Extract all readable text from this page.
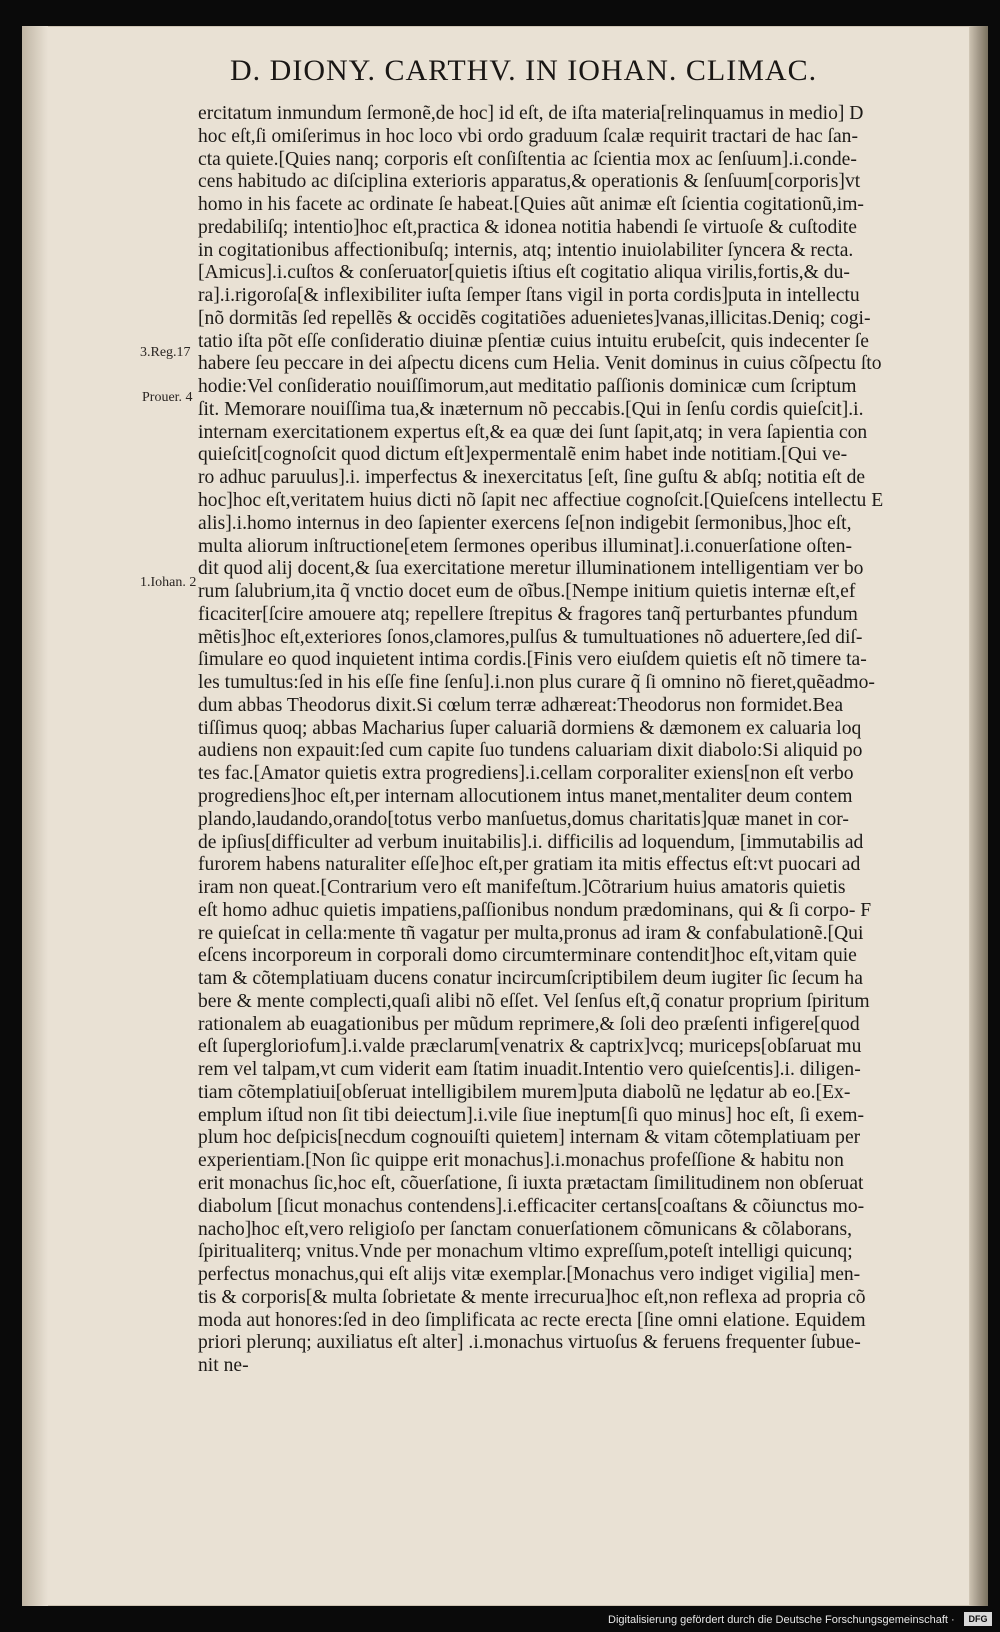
D. DIONY. CARTHV. IN IOHAN. CLIMAC.
ercitatum inmundum ſermonẽ,de hoc] id eſt, de iſta materia[relinquamus in medio] D
hoc eſt,ſi omiſerimus in hoc loco vbi ordo graduum ſcalæ requirit tractari de hac ſan-
cta quiete.[Quies nanq; corporis eſt conſiſtentia ac ſcientia mox ac ſenſuum].i.conde-
cens habitudo ac diſciplina exterioris apparatus,& operationis & ſenſuum[corporis]vt
homo in his facete ac ordinate ſe habeat.[Quies aũt animæ eſt ſcientia cogitationũ,im-
predabiliſq; intentio]hoc eſt,practica & idonea notitia habendi ſe virtuoſe & cuſtodite
in cogitationibus affectionibuſq; internis, atq; intentio inuiolabiliter ſyncera & recta.
[Amicus].i.cuſtos & conſeruator[quietis iſtius eſt cogitatio aliqua virilis,fortis,& du-
ra].i.rigoroſa[& inflexibiliter iuſta ſemper ſtans vigil in porta cordis]puta in intellectu
[nõ dormitãs ſed repellẽs & occidẽs cogitatiões aduenietes]vanas,illicitas.Deniq; cogi-
tatio iſta põt eſſe conſideratio diuinæ pſentiæ cuius intuitu erubeſcit, quis indecenter ſe
habere ſeu peccare in dei aſpectu dicens cum Helia. Venit dominus in cuius cõſpectu ſto
hodie:Vel conſideratio nouiſſimorum,aut meditatio paſſionis dominicæ cum ſcriptum
ſit. Memorare nouiſſima tua,& inæternum nõ peccabis.[Qui in ſenſu cordis quieſcit].i.
internam exercitationem expertus eſt,& ea quæ dei ſunt ſapit,atq; in vera ſapientia con
quieſcit[cognoſcit quod dictum eſt]expermentalẽ enim habet inde notitiam.[Qui ve-
ro adhuc paruulus].i. imperfectus & inexercitatus [eſt, ſine guſtu & abſq; notitia eſt de
hoc]hoc eſt,veritatem huius dicti nõ ſapit nec affectiue cognoſcit.[Quieſcens intellectu E
alis].i.homo internus in deo ſapienter exercens ſe[non indigebit ſermonibus,]hoc eſt,
multa aliorum inſtructione[etem ſermones operibus illuminat].i.conuerſatione oſten-
dit quod alij docent,& ſua exercitatione meretur illuminationem intelligentiam ver bo
rum ſalubrium,ita q̃ vnctio docet eum de oĩbus.[Nempe initium quietis internæ eſt,ef
ficaciter[ſcire amouere atq; repellere ſtrepitus & fragores tanq̃ perturbantes pfundum
mẽtis]hoc eſt,exteriores ſonos,clamores,pulſus & tumultuationes nõ aduertere,ſed diſ-
ſimulare eo quod inquietent intima cordis.[Finis vero eiuſdem quietis eſt nõ timere ta-
les tumultus:ſed in his eſſe fine ſenſu].i.non plus curare q̃ ſi omnino nõ fieret,quẽadmo-
dum abbas Theodorus dixit.Si cœlum terræ adhæreat:Theodorus non formidet.Bea
tiſſimus quoq; abbas Macharius ſuper caluariã dormiens & dæmonem ex caluaria loq
audiens non expauit:ſed cum capite ſuo tundens caluariam dixit diabolo:Si aliquid po
tes fac.[Amator quietis extra progrediens].i.cellam corporaliter exiens[non eſt verbo
progrediens]hoc eſt,per internam allocutionem intus manet,mentaliter deum contem
plando,laudando,orando[totus verbo manſuetus,domus charitatis]quæ manet in cor-
de ipſius[difficulter ad verbum inuitabilis].i. difficilis ad loquendum, [immutabilis ad
furorem habens naturaliter eſſe]hoc eſt,per gratiam ita mitis effectus eſt:vt puocari ad
iram non queat.[Contrarium vero eſt manifeſtum.]Cõtrarium huius amatoris quietis
eſt homo adhuc quietis impatiens,paſſionibus nondum prædominans, qui & ſi corpo- F
re quieſcat in cella:mente tñ vagatur per multa,pronus ad iram & confabulationẽ.[Qui
eſcens incorporeum in corporali domo circumterminare contendit]hoc eſt,vitam quie
tam & cõtemplatiuam ducens conatur incircumſcriptibilem deum iugiter ſic ſecum ha
bere & mente complecti,quaſi alibi nõ eſſet. Vel ſenſus eſt,q̃ conatur proprium ſpiritum
rationalem ab euagationibus per mũdum reprimere,& ſoli deo præſenti infigere[quod
eſt ſupergloriofum].i.valde præclarum[venatrix & captrix]vcq; muriceps[obſaruat mu
rem vel talpam,vt cum viderit eam ſtatim inuadit.Intentio vero quieſcentis].i. diligen-
tiam cõtemplatiui[obſeruat intelligibilem murem]puta diabolũ ne lędatur ab eo.[Ex-
emplum iſtud non ſit tibi deiectum].i.vile ſiue ineptum[ſi quo minus] hoc eſt, ſi exem-
plum hoc deſpicis[necdum cognouiſti quietem] internam & vitam cõtemplatiuam per
experientiam.[Non ſic quippe erit monachus].i.monachus profeſſione & habitu non
erit monachus ſic,hoc eſt, cõuerſatione, ſi iuxta prætactam ſimilitudinem non obſeruat
diabolum [ſicut monachus contendens].i.efficaciter certans[coaſtans & cõiunctus mo-
nacho]hoc eſt,vero religioſo per ſanctam conuerſationem cõmunicans & cõlaborans,
ſpiritualiterq; vnitus.Vnde per monachum vltimo expreſſum,poteſt intelligi quicunq;
perfectus monachus,qui eſt alijs vitæ exemplar.[Monachus vero indiget vigilia] men-
tis & corporis[& multa ſobrietate & mente irrecurua]hoc eſt,non reflexa ad propria cõ
moda aut honores:ſed in deo ſimplificata ac recte erecta [ſine omni elatione. Equidem
priori plerunq; auxiliatus eſt alter] .i.monachus virtuoſus & feruens frequenter ſubue-
nit ne-
3.Reg.17
Prouer. 4
1.Iohan. 2
Digitalisierung gefördert durch die Deutsche Forschungsgemeinschaft ·	DFG
